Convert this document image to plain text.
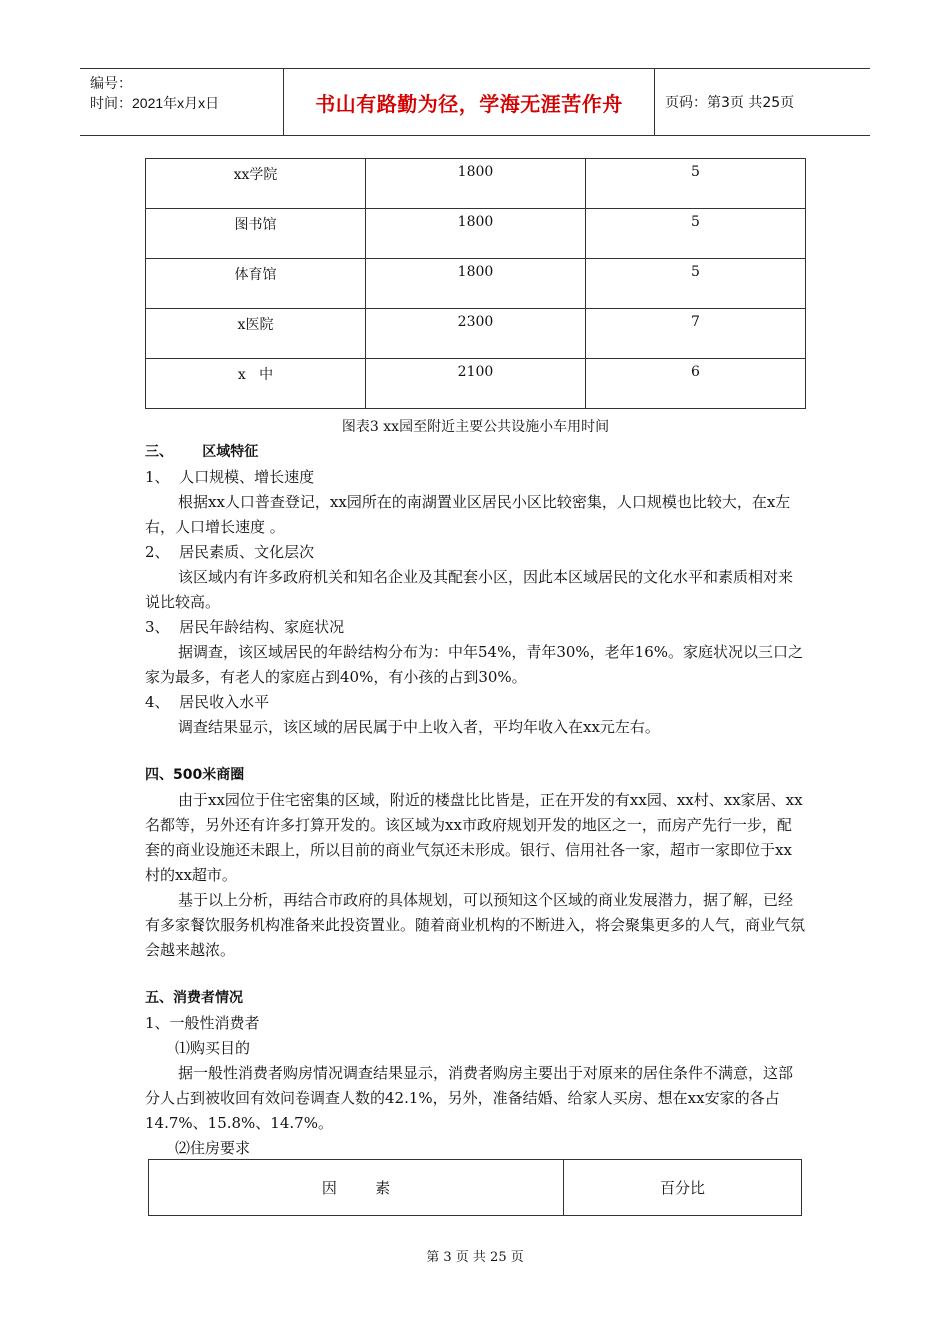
编号：
时间：2021年x月x日	书山有路勤为径，学海无涯苦作舟	页码：第3页 共25页
xx学院	1800	5
图书馆	1800	5
体育馆	1800	5
x医院	2300	7
x   中	2100	6
图表3 xx园至附近主要公共设施小车用时间

三、      区域特征

1、  人口规模、增长速度

根据xx人口普查登记，xx园所在的南湖置业区居民小区比较密集，人口规模也比较大，在x左右，人口增长速度 。

2、  居民素质、文化层次

该区域内有许多政府机关和知名企业及其配套小区，因此本区域居民的文化水平和素质相对来说比较高。

3、  居民年龄结构、家庭状况

据调查，该区域居民的年龄结构分布为：中年54%，青年30%，老年16%。家庭状况以三口之家为最多，有老人的家庭占到40%，有小孩的占到30%。

4、  居民收入水平

调查结果显示，该区域的居民属于中上收入者，平均年收入在xx元左右。

四、500米商圈

由于xx园位于住宅密集的区域，附近的楼盘比比皆是，正在开发的有xx园、xx村、xx家居、xx名都等，另外还有许多打算开发的。该区域为xx市政府规划开发的地区之一，而房产先行一步，配套的商业设施还未跟上，所以目前的商业气氛还未形成。银行、信用社各一家，超市一家即位于xx村的xx超市。

基于以上分析，再结合市政府的具体规划，可以预知这个区域的商业发展潜力，据了解，已经有多家餐饮服务机构准备来此投资置业。随着商业机构的不断进入，将会聚集更多的人气，商业气氛会越来越浓。

五、消费者情况

1、一般性消费者

⑴购买目的

据一般性消费者购房情况调查结果显示，消费者购房主要出于对原来的居住条件不满意，这部分人占到被收回有效问卷调查人数的42.1%，另外，准备结婚、给家人买房、想在xx安家的各占14.7%、15.8%、14.7%。

⑵住房要求

因        素	百分比
第 3 页 共 25 页
